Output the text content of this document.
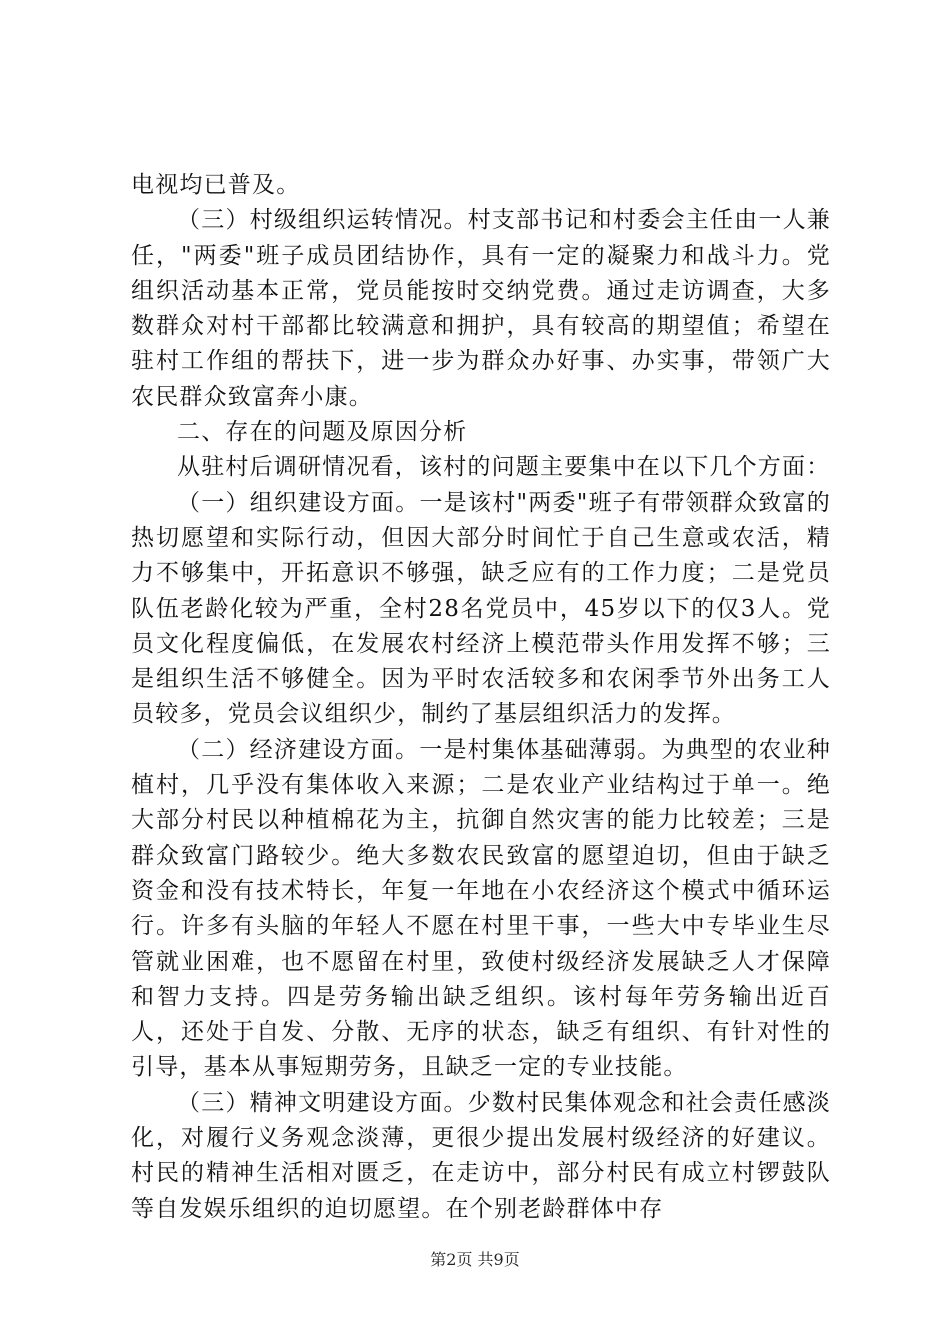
电视均已普及。

（三）村级组织运转情况。村支部书记和村委会主任由一人兼任，"两委"班子成员团结协作，具有一定的凝聚力和战斗力。党组织活动基本正常，党员能按时交纳党费。通过走访调查，大多数群众对村干部都比较满意和拥护，具有较高的期望值；希望在驻村工作组的帮扶下，进一步为群众办好事、办实事，带领广大农民群众致富奔小康。

二、存在的问题及原因分析

从驻村后调研情况看，该村的问题主要集中在以下几个方面：

（一）组织建设方面。一是该村"两委"班子有带领群众致富的热切愿望和实际行动，但因大部分时间忙于自己生意或农活，精力不够集中，开拓意识不够强，缺乏应有的工作力度；二是党员队伍老龄化较为严重，全村28名党员中，45岁以下的仅3人。党员文化程度偏低，在发展农村经济上模范带头作用发挥不够；三是组织生活不够健全。因为平时农活较多和农闲季节外出务工人员较多，党员会议组织少，制约了基层组织活力的发挥。

（二）经济建设方面。一是村集体基础薄弱。为典型的农业种植村，几乎没有集体收入来源；二是农业产业结构过于单一。绝大部分村民以种植棉花为主，抗御自然灾害的能力比较差；三是群众致富门路较少。绝大多数农民致富的愿望迫切，但由于缺乏资金和没有技术特长，年复一年地在小农经济这个模式中循环运行。许多有头脑的年轻人不愿在村里干事，一些大中专毕业生尽管就业困难，也不愿留在村里，致使村级经济发展缺乏人才保障和智力支持。四是劳务输出缺乏组织。该村每年劳务输出近百人，还处于自发、分散、无序的状态，缺乏有组织、有针对性的引导，基本从事短期劳务，且缺乏一定的专业技能。

（三）精神文明建设方面。少数村民集体观念和社会责任感淡化，对履行义务观念淡薄，更很少提出发展村级经济的好建议。村民的精神生活相对匮乏，在走访中，部分村民有成立村锣鼓队等自发娱乐组织的迫切愿望。在个别老龄群体中存

第2页 共9页
